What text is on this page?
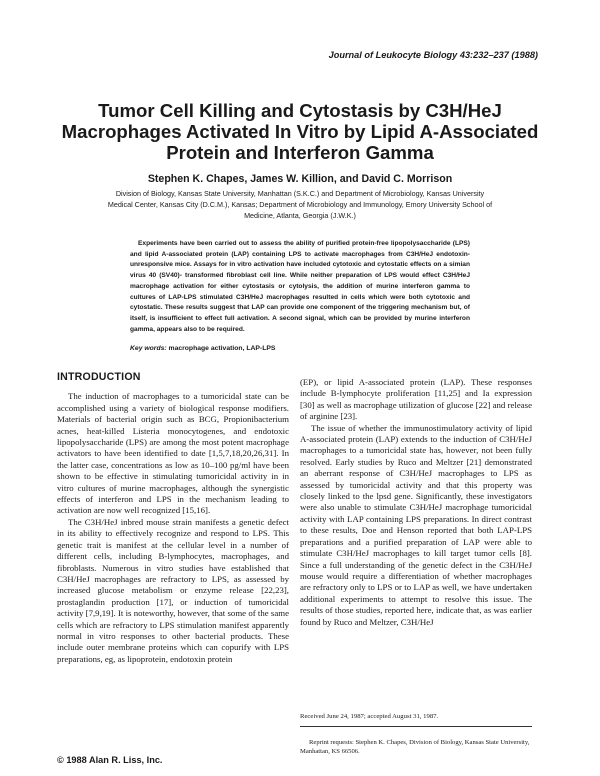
Journal of Leukocyte Biology 43:232–237 (1988)
Tumor Cell Killing and Cytostasis by C3H/HeJ Macrophages Activated In Vitro by Lipid A-Associated Protein and Interferon Gamma
Stephen K. Chapes, James W. Killion, and David C. Morrison
Division of Biology, Kansas State University, Manhattan (S.K.C.) and Department of Microbiology, Kansas University Medical Center, Kansas City (D.C.M.), Kansas; Department of Microbiology and Immunology, Emory University School of Medicine, Atlanta, Georgia (J.W.K.)

Experiments have been carried out to assess the ability of purified protein-free lipopolysaccharide (LPS) and lipid A-associated protein (LAP) containing LPS to activate macrophages from C3H/HeJ endotoxin-unresponsive mice. Assays for in vitro activation have included cytotoxic and cytostatic effects on a simian virus 40 (SV40)- transformed fibroblast cell line. While neither preparation of LPS would effect C3H/HeJ macrophage activation for either cytostasis or cytolysis, the addition of murine interferon gamma to cultures of LAP-LPS stimulated C3H/HeJ macrophages resulted in cells which were both cytotoxic and cytostatic. These results suggest that LAP can provide one component of the triggering mechanism but, of itself, is insufficient to effect full activation. A second signal, which can be provided by murine interferon gamma, appears also to be required.

Key words: macrophage activation, LAP-LPS
INTRODUCTION

The induction of macrophages to a tumoricidal state can be accomplished using a variety of biological response modifiers. Materials of bacterial origin such as BCG, Propionibacterium acnes, heat-killed Listeria monocytogenes, and endotoxic lipopolysaccharide (LPS) are among the most potent macrophage activators to have been identified to date [1,5,7,18,20,26,31]. In the latter case, concentrations as low as 10–100 pg/ml have been shown to be effective in stimulating tumoricidal activity in in vitro cultures of murine macrophages, although the synergistic effects of interferon and LPS in the mechanism leading to activation are now well recognized [15,16].

The C3H/HeJ inbred mouse strain manifests a genetic defect in its ability to effectively recognize and respond to LPS. This genetic trait is manifest at the cellular level in a number of different cells, including B-lymphocytes, macrophages, and fibroblasts. Numerous in vitro studies have established that C3H/HeJ macrophages are refractory to LPS, as assessed by increased glucose metabolism or enzyme release [22,23], prostaglandin production [17], or induction of tumoricidal activity [7,9,19]. It is noteworthy, however, that some of the same cells which are refractory to LPS stimulation manifest apparently normal in vitro responses to other bacterial products. These include outer membrane proteins which can copurify with LPS preparations, eg, as lipoprotein, endotoxin protein

(EP), or lipid A-associated protein (LAP). These responses include B-lymphocyte proliferation [11,25] and Ia expression [30] as well as macrophage utilization of glucose [22] and release of arginine [23].

The issue of whether the immunostimulatory activity of lipid A-associated protein (LAP) extends to the induction of C3H/HeJ macrophages to a tumoricidal state has, however, not been fully resolved. Early studies by Ruco and Meltzer [21] demonstrated an aberrant response of C3H/HeJ macrophages to LPS as assessed by tumoricidal activity and that this property was closely linked to the lpsd gene. Significantly, these investigators were also unable to stimulate C3H/HeJ macrophage tumoricidal activity with LAP containing LPS preparations. In direct contrast to these results, Doe and Henson reported that both LAP-LPS preparations and a purified preparation of LAP were able to stimulate C3H/HeJ macrophages to kill target tumor cells [8]. Since a full understanding of the genetic defect in the C3H/HeJ mouse would require a differentiation of whether macrophages are refractory only to LPS or to LAP as well, we have undertaken additional experiments to attempt to resolve this issue. The results of those studies, reported here, indicate that, as was earlier found by Ruco and Meltzer, C3H/HeJ

Received June 24, 1987; accepted August 31, 1987.

Reprint requests: Stephen K. Chapes, Division of Biology, Kansas State University, Manhattan, KS 66506.

© 1988 Alan R. Liss, Inc.
